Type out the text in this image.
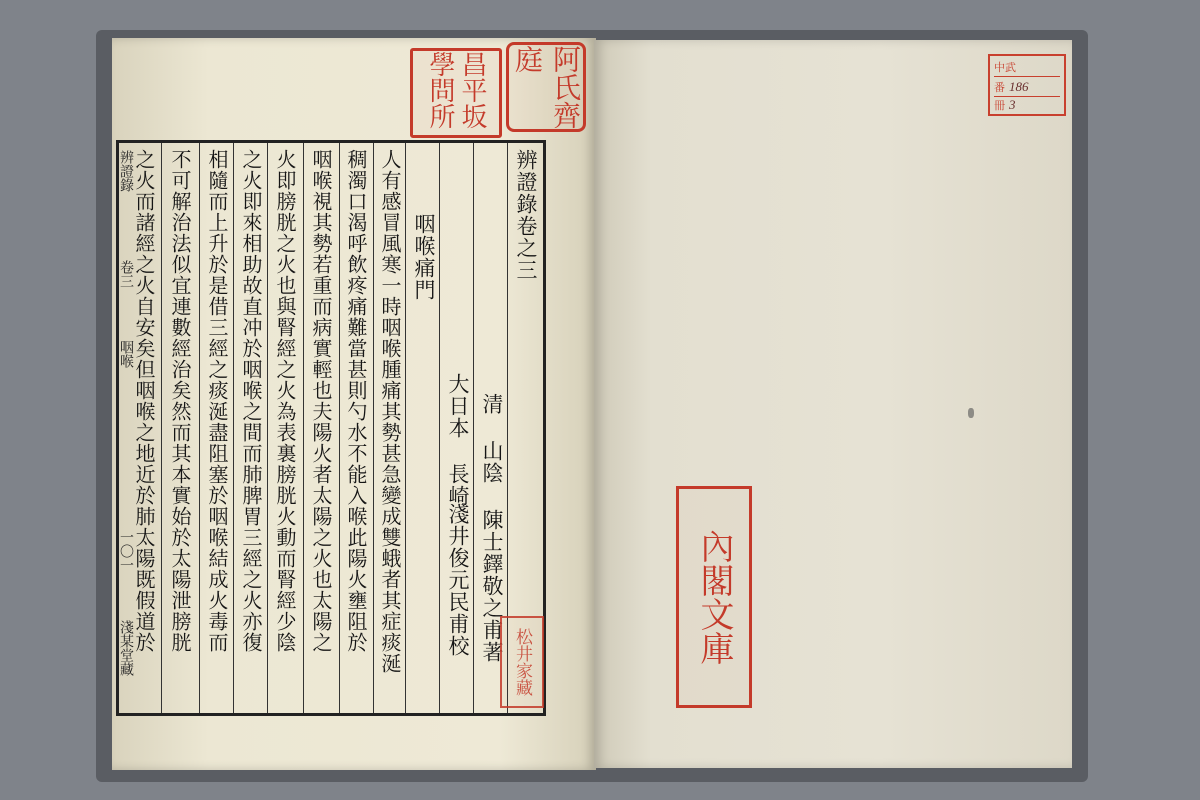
辨證錄
卷三
咽喉
一〇一
淺某堂藏
辨證錄卷之三
清 山陰 陳士鐸敬之甫著
大日本
長崎
淺井俊元民甫校
咽喉痛門
人有感冒風寒一時咽喉腫痛其勢甚急變成雙蛾者其症痰涎
稠濁口渴呼飲疼痛難當甚則勺水不能入喉此陽火壅阻於
咽喉視其勢若重而病實輕也夫陽火者太陽之火也太陽之
火即膀胱之火也與腎經之火為表裏膀胱火動而腎經少陰
之火即來相助故直冲於咽喉之間而肺脾胃三經之火亦復
相隨而上升於是借三經之痰涎盡阻塞於咽喉結成火毒而
不可解治法似宜連數經治矣然而其本實始於太陽泄膀胱
之火而諸經之火自安矣但咽喉之地近於肺太陽既假道於
昌平坂學問所	阿氏齊庭
松井家藏	內閣文庫
中武
番 186
冊 3
